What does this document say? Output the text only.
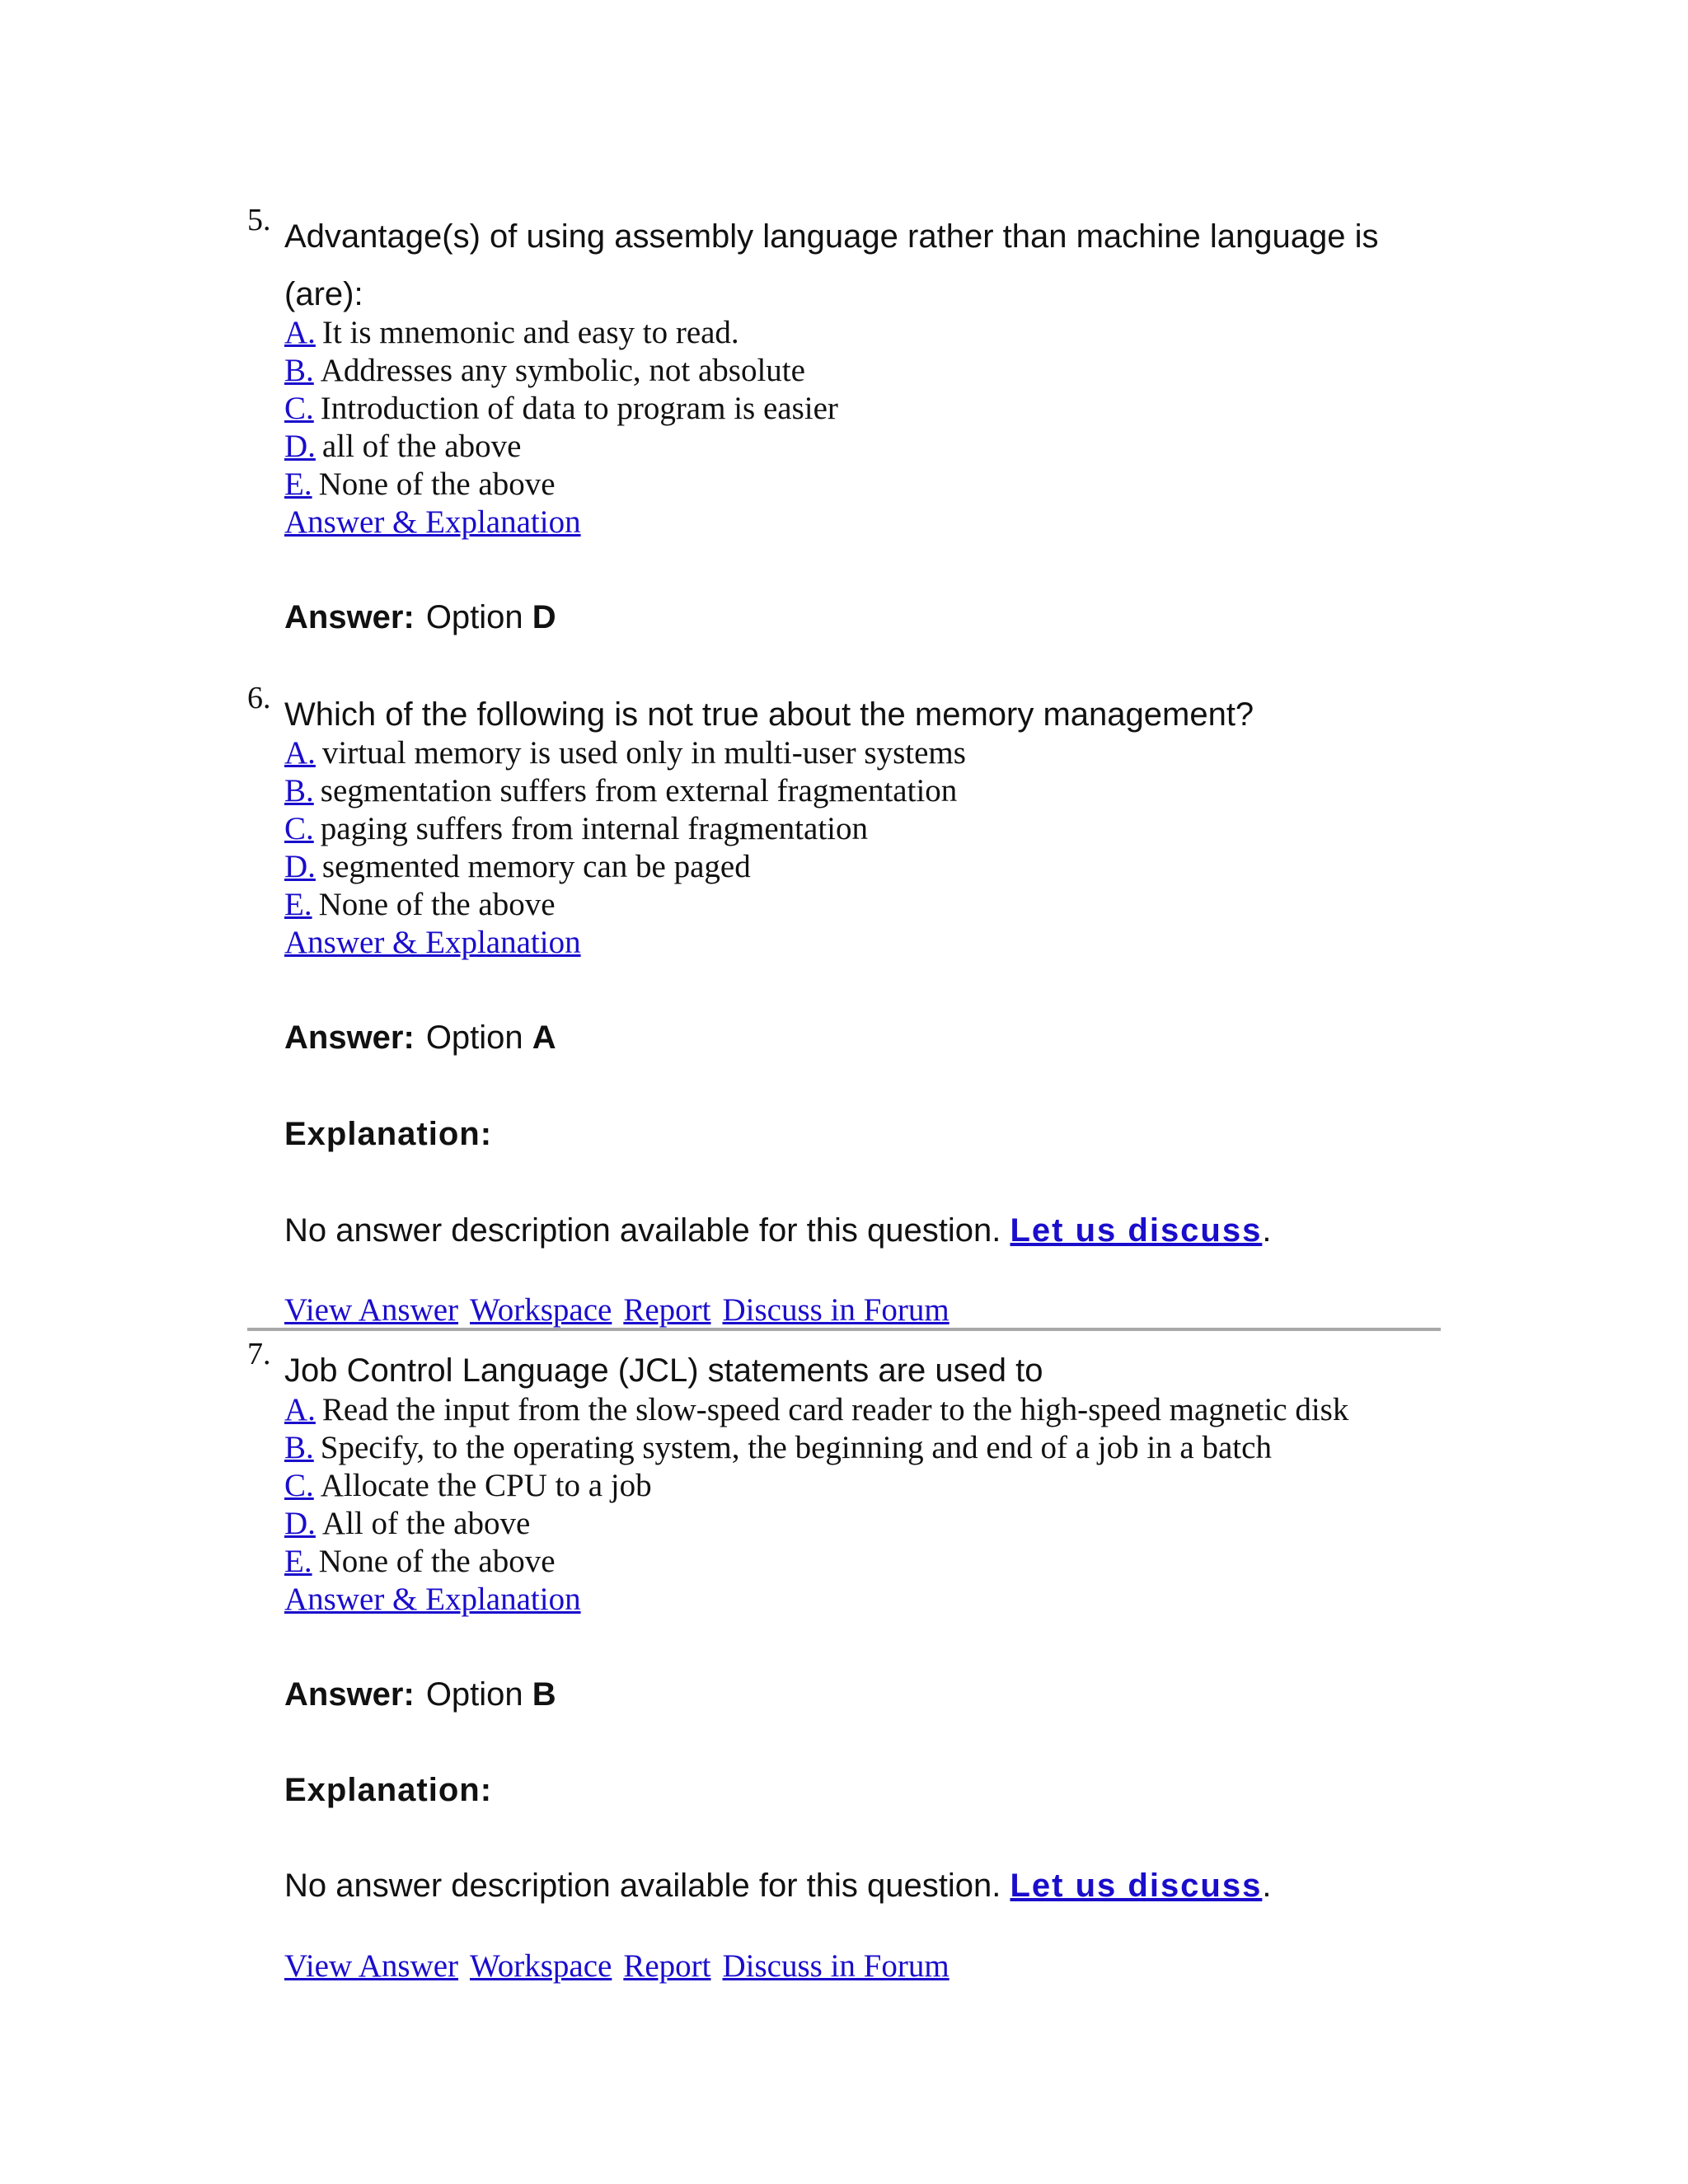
5. Advantage(s) of using assembly language rather than machine language is (are):

A. It is mnemonic and easy to read.
B. Addresses any symbolic, not absolute
C. Introduction of data to program is easier
D. all of the above
E. None of the above
Answer & Explanation
Answer: Option D
6. Which of the following is not true about the memory management?

A. virtual memory is used only in multi-user systems
B. segmentation suffers from external fragmentation
C. paging suffers from internal fragmentation
D. segmented memory can be paged
E. None of the above
Answer & Explanation
Answer: Option A
Explanation:
No answer description available for this question. Let us discuss.
View Answer Workspace Report Discuss in Forum
7. Job Control Language (JCL) statements are used to

A. Read the input from the slow-speed card reader to the high-speed magnetic disk
B. Specify, to the operating system, the beginning and end of a job in a batch
C. Allocate the CPU to a job
D. All of the above
E. None of the above
Answer & Explanation
Answer: Option B
Explanation:
No answer description available for this question. Let us discuss.
View Answer Workspace Report Discuss in Forum
